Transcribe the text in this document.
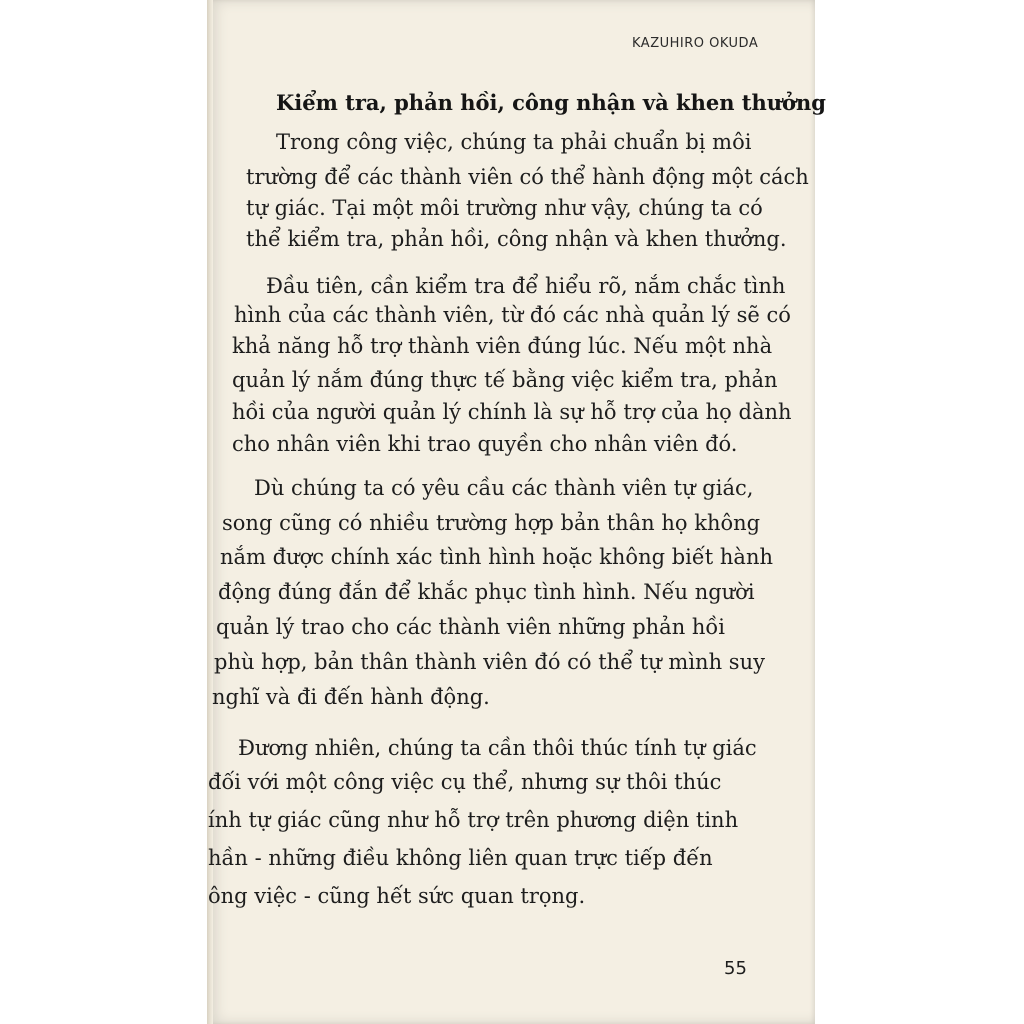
KAZUHIRO OKUDA
Kiểm tra, phản hồi, công nhận và khen thưởng
Trong công việc, chúng ta phải chuẩn bị môi
trường để các thành viên có thể hành động một cách
tự giác. Tại một môi trường như vậy, chúng ta có
thể kiểm tra, phản hồi, công nhận và khen thưởng.
Đầu tiên, cần kiểm tra để hiểu rõ, nắm chắc tình
hình của các thành viên, từ đó các nhà quản lý sẽ có
khả năng hỗ trợ thành viên đúng lúc. Nếu một nhà
quản lý nắm đúng thực tế bằng việc kiểm tra, phản
hồi của người quản lý chính là sự hỗ trợ của họ dành
cho nhân viên khi trao quyền cho nhân viên đó.
Dù chúng ta có yêu cầu các thành viên tự giác,
song cũng có nhiều trường hợp bản thân họ không
nắm được chính xác tình hình hoặc không biết hành
động đúng đắn để khắc phục tình hình. Nếu người
quản lý trao cho các thành viên những phản hồi
phù hợp, bản thân thành viên đó có thể tự mình suy
nghĩ và đi đến hành động.
Đương nhiên, chúng ta cần thôi thúc tính tự giác
đối với một công việc cụ thể, nhưng sự thôi thúc
ính tự giác cũng như hỗ trợ trên phương diện tinh
hần - những điều không liên quan trực tiếp đến
ông việc - cũng hết sức quan trọng.
55
